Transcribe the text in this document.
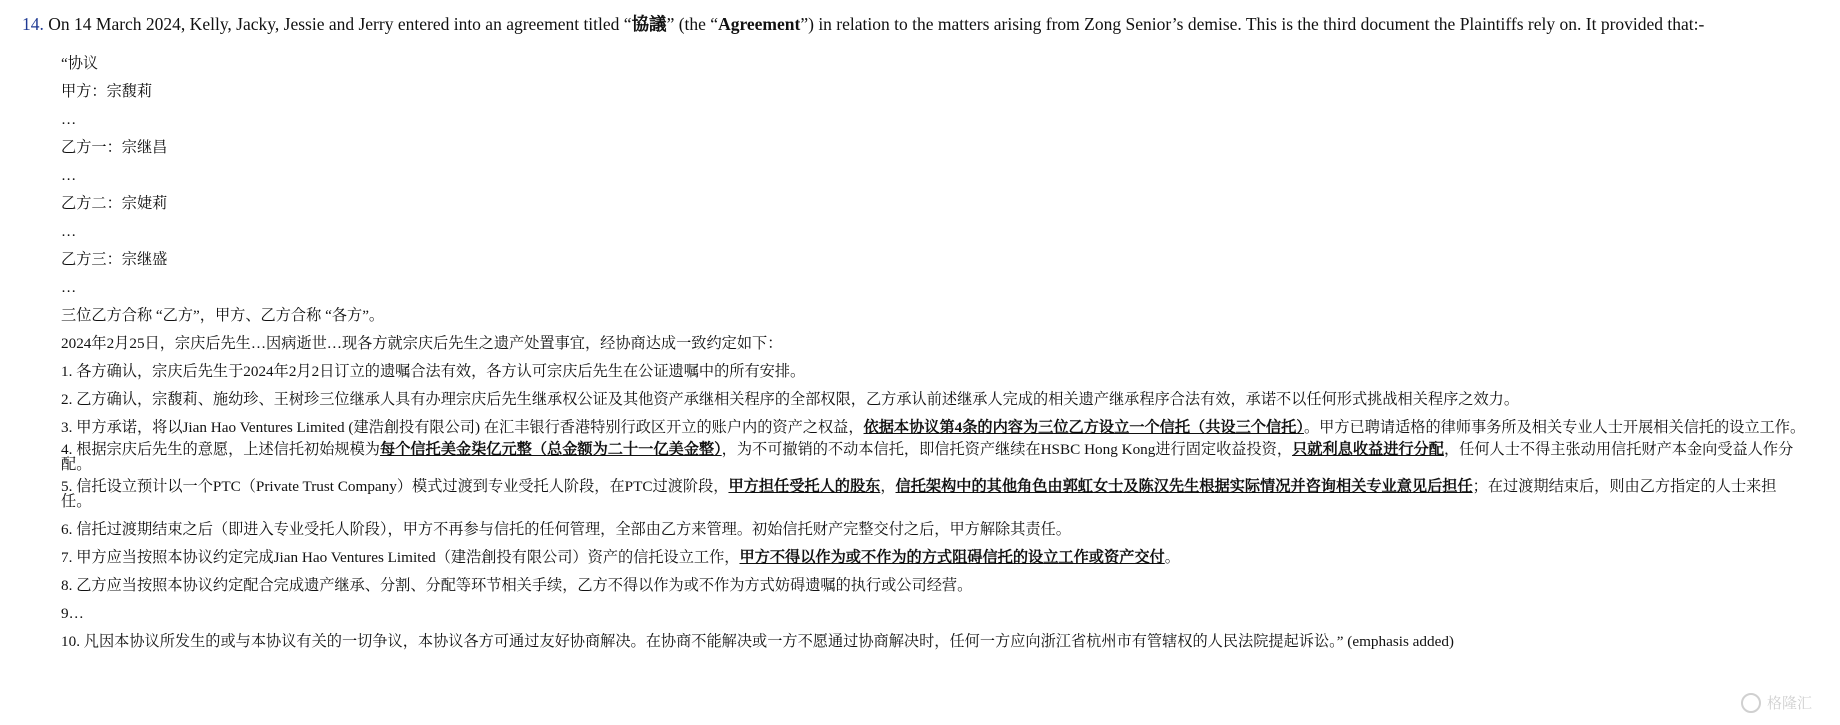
14. On 14 March 2024, Kelly, Jacky, Jessie and Jerry entered into an agreement titled “協議” (the “Agreement”) in relation to the matters arising from Zong Senior’s demise. This is the third document the Plaintiffs rely on. It provided that:-

“协议

甲方：宗馥莉

…

乙方一：宗继昌

…

乙方二：宗婕莉

…

乙方三：宗继盛

…

三位乙方合称 “乙方”，甲方、乙方合称 “各方”。

2024年2月25日，宗庆后先生…因病逝世…现各方就宗庆后先生之遗产处置事宜，经协商达成一致约定如下：

1. 各方确认，宗庆后先生于2024年2月2日订立的遗嘱合法有效，各方认可宗庆后先生在公证遗嘱中的所有安排。

2. 乙方确认，宗馥莉、施幼珍、王树珍三位继承人具有办理宗庆后先生继承权公证及其他资产承继相关程序的全部权限，乙方承认前述继承人完成的相关遗产继承程序合法有效，承诺不以任何形式挑战相关程序之效力。

3. 甲方承诺，将以Jian Hao Ventures Limited (建浩創投有限公司) 在汇丰银行香港特别行政区开立的账户内的资产之权益，依据本协议第4条的内容为三位乙方设立一个信托（共设三个信托）。甲方已聘请适格的律师事务所及相关专业人士开展相关信托的设立工作。

4. 根据宗庆后先生的意愿，上述信托初始规模为每个信托美金柒亿元整（总金额为二十一亿美金整），为不可撤销的不动本信托，即信托资产继续在HSBC Hong Kong进行固定收益投资，只就利息收益进行分配，任何人士不得主张动用信托财产本金向受益人作分配。

5. 信托设立预计以一个PTC（Private Trust Company）模式过渡到专业受托人阶段，在PTC过渡阶段，甲方担任受托人的股东，信托架构中的其他角色由郭虹女士及陈汉先生根据实际情况并咨询相关专业意见后担任；在过渡期结束后，则由乙方指定的人士来担任。

6. 信托过渡期结束之后（即进入专业受托人阶段），甲方不再参与信托的任何管理，全部由乙方来管理。初始信托财产完整交付之后，甲方解除其责任。

7. 甲方应当按照本协议约定完成Jian Hao Ventures Limited（建浩創投有限公司）资产的信托设立工作，甲方不得以作为或不作为的方式阻碍信托的设立工作或资产交付。

8. 乙方应当按照本协议约定配合完成遗产继承、分割、分配等环节相关手续，乙方不得以作为或不作为方式妨碍遗嘱的执行或公司经营。

9…

10. 凡因本协议所发生的或与本协议有关的一切争议，本协议各方可通过友好协商解决。在协商不能解决或一方不愿通过协商解决时，任何一方应向浙江省杭州市有管辖权的人民法院提起诉讼。” (emphasis added)

格隆汇
